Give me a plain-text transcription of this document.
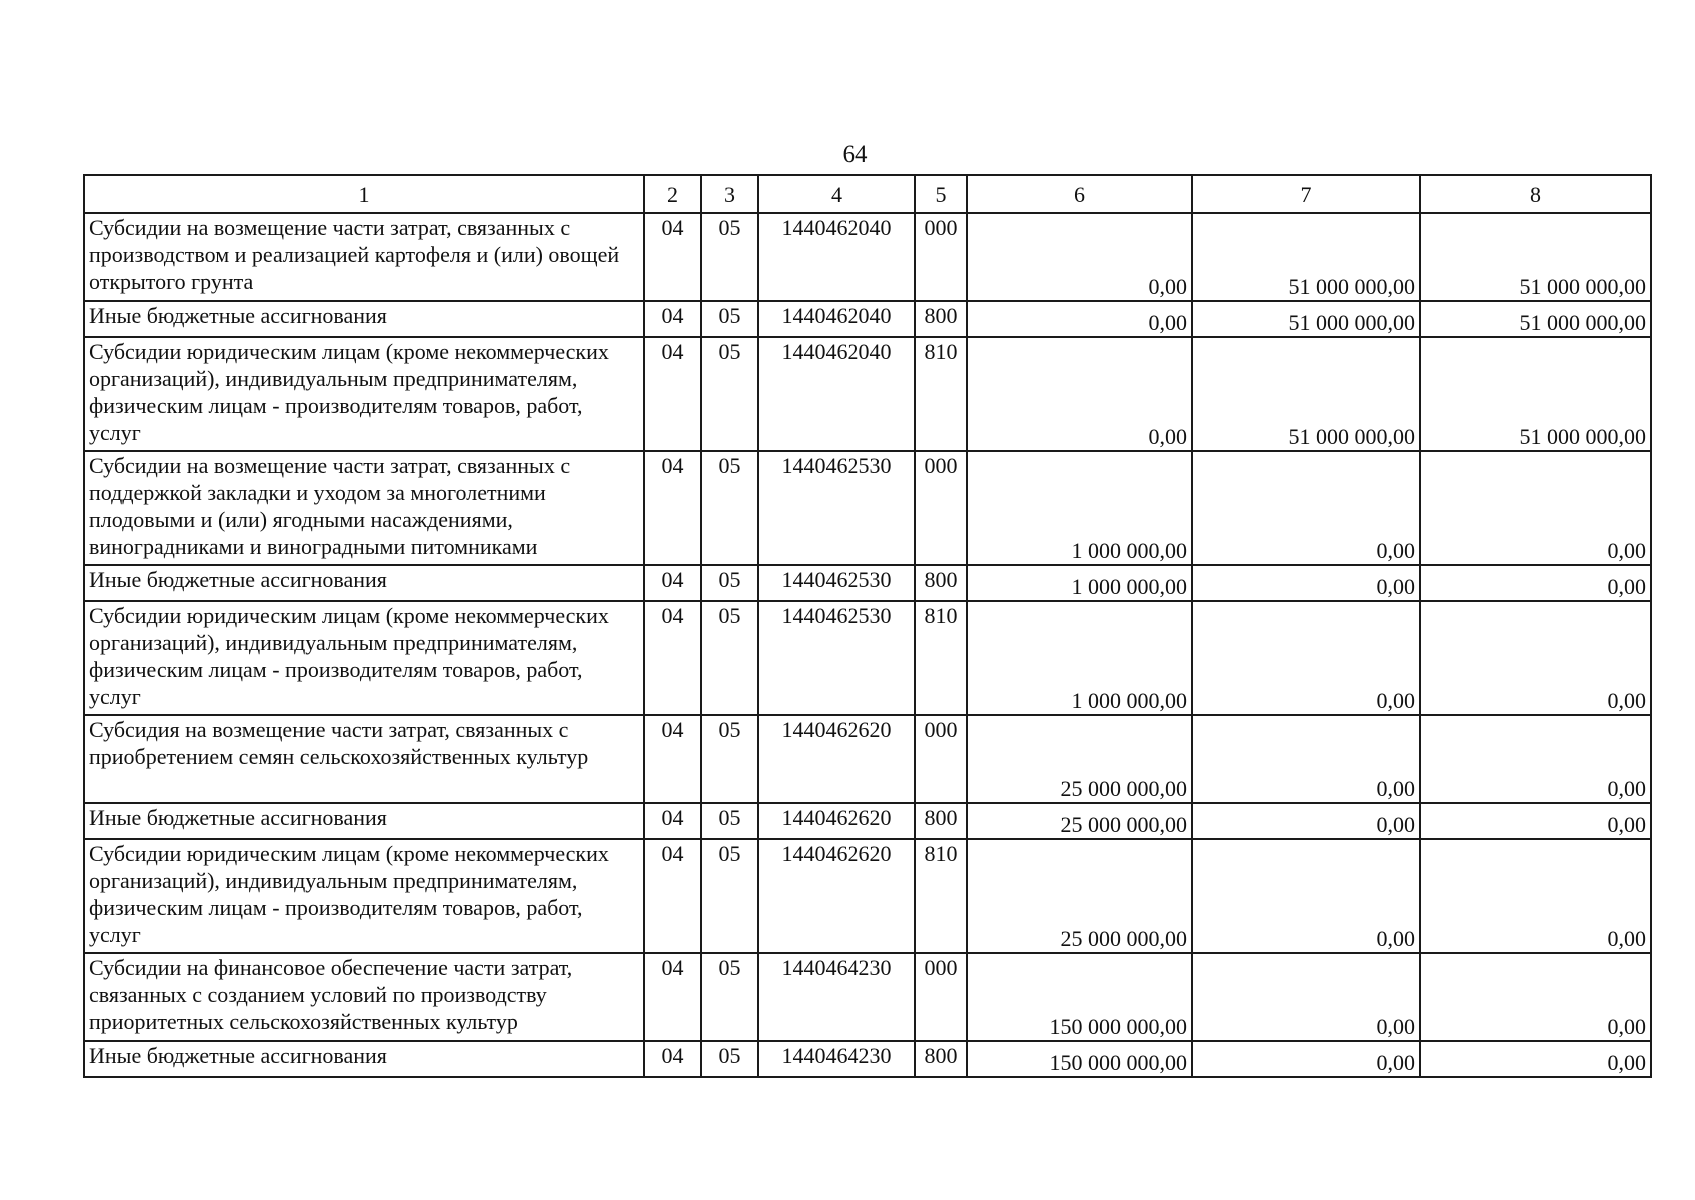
64
1	2	3	4	5	6	7	8
Субсидии на возмещение части затрат, связанных с производством и реализацией картофеля и (или) овощей открытого грунта	04	05	1440462040	000	0,00	51 000 000,00	51 000 000,00
Иные бюджетные ассигнования	04	05	1440462040	800	0,00	51 000 000,00	51 000 000,00
Субсидии юридическим лицам (кроме некоммерческих организаций), индивидуальным предпринимателям, физическим лицам - производителям товаров, работ, услуг	04	05	1440462040	810	0,00	51 000 000,00	51 000 000,00
Субсидии на возмещение части затрат, связанных с поддержкой закладки и уходом за многолетними плодовыми и (или) ягодными насаждениями, виноградниками и виноградными питомниками	04	05	1440462530	000	1 000 000,00	0,00	0,00
Иные бюджетные ассигнования	04	05	1440462530	800	1 000 000,00	0,00	0,00
Субсидии юридическим лицам (кроме некоммерческих организаций), индивидуальным предпринимателям, физическим лицам - производителям товаров, работ, услуг	04	05	1440462530	810	1 000 000,00	0,00	0,00
Субсидия на возмещение части затрат, связанных с приобретением семян сельскохозяйственных культур	04	05	1440462620	000	25 000 000,00	0,00	0,00
Иные бюджетные ассигнования	04	05	1440462620	800	25 000 000,00	0,00	0,00
Субсидии юридическим лицам (кроме некоммерческих организаций), индивидуальным предпринимателям, физическим лицам - производителям товаров, работ, услуг	04	05	1440462620	810	25 000 000,00	0,00	0,00
Субсидии на финансовое обеспечение части затрат, связанных с созданием условий по производству приоритетных сельскохозяйственных культур	04	05	1440464230	000	150 000 000,00	0,00	0,00
Иные бюджетные ассигнования	04	05	1440464230	800	150 000 000,00	0,00	0,00
